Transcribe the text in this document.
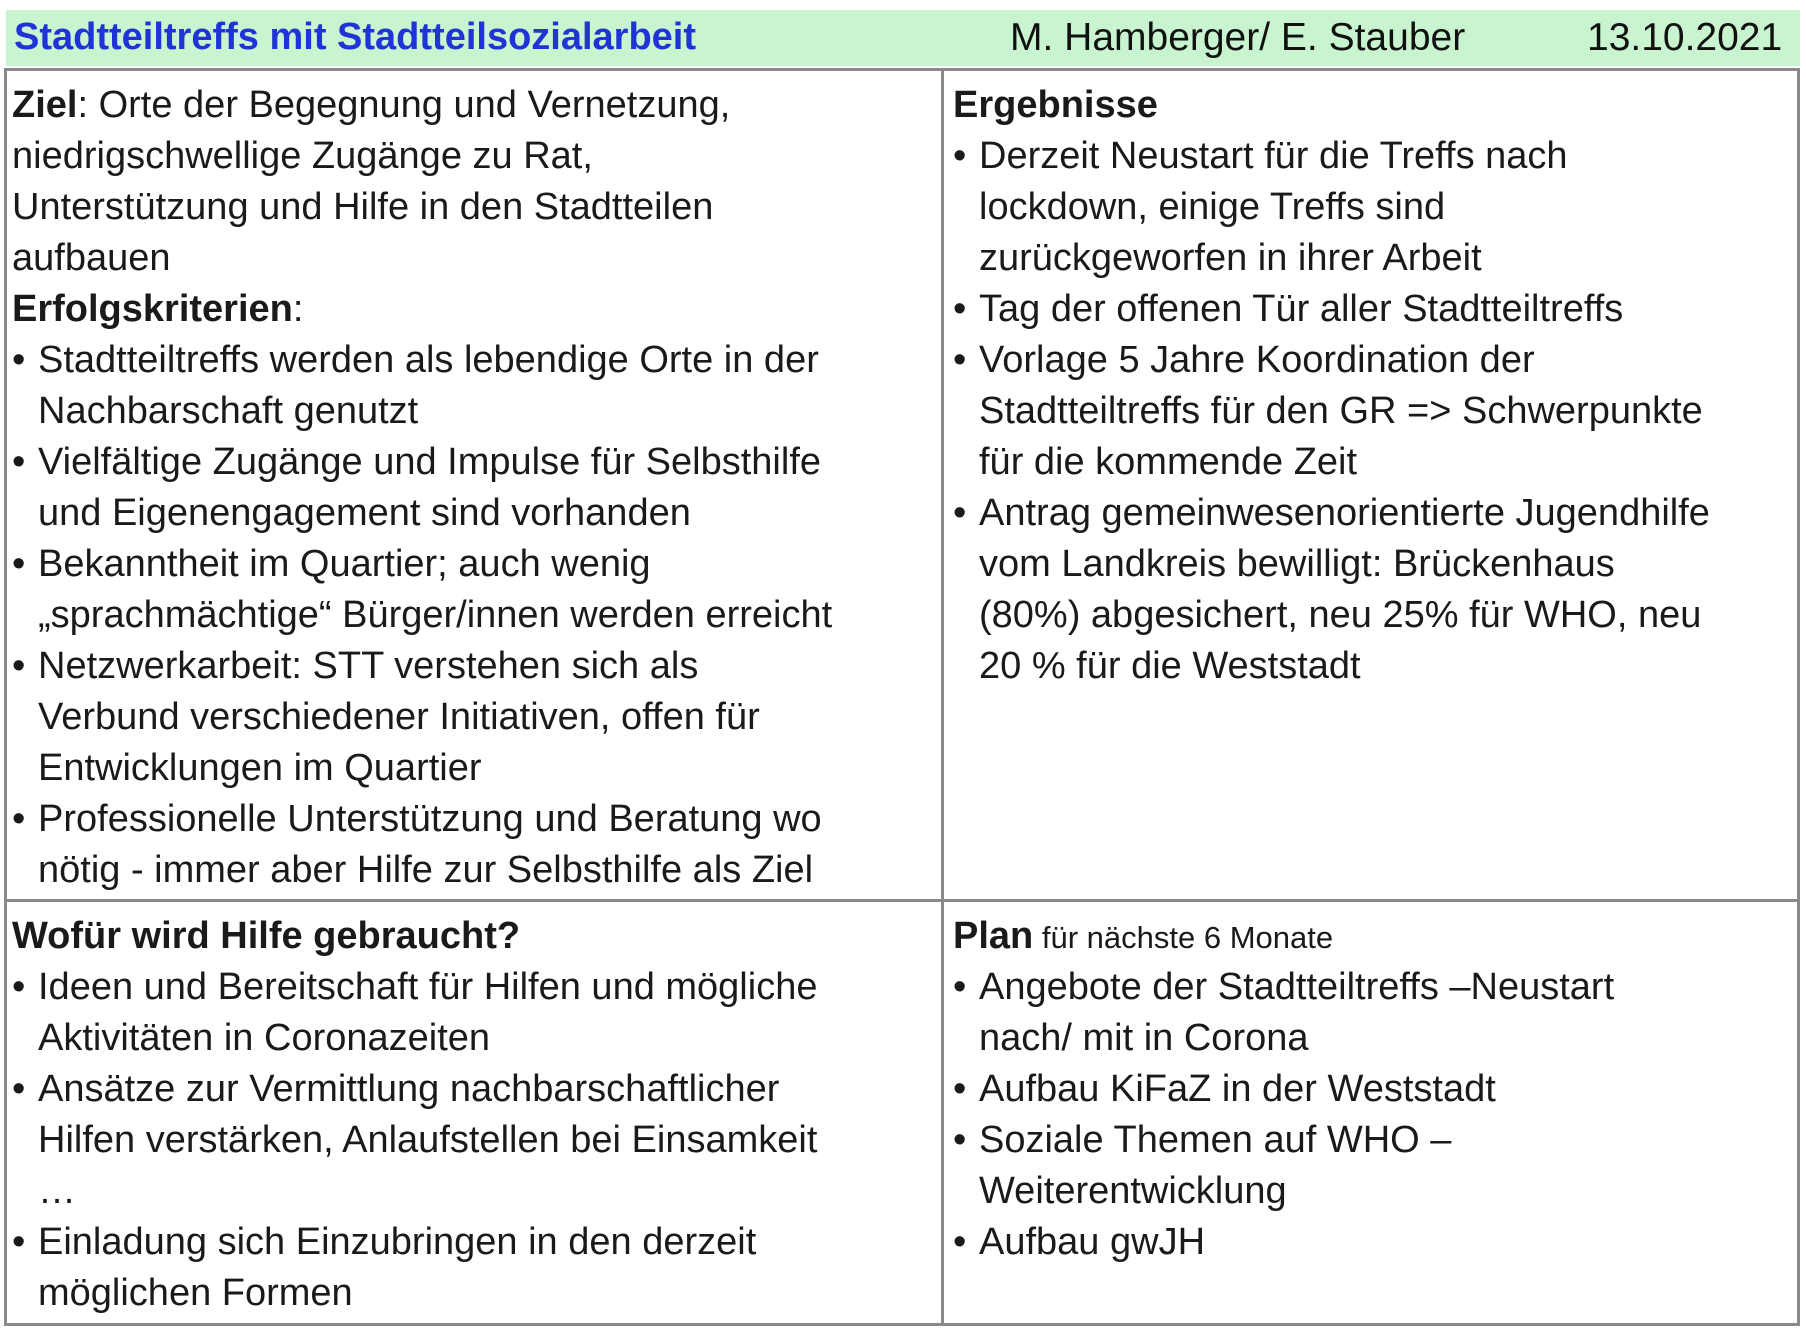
Stadtteiltreffs mit Stadtteilsozialarbeit	M. Hamberger/ E. Stauber	13.10.2021
Ziel: Orte der Begegnung und Vernetzung,
niedrigschwellige Zugänge zu Rat,
Unterstützung und Hilfe in den Stadtteilen
aufbauen
Erfolgskriterien:
• Stadtteiltreffs werden als lebendige Orte in der
Nachbarschaft genutzt
• Vielfältige Zugänge und Impulse für Selbsthilfe
und Eigenengagement sind vorhanden
• Bekanntheit im Quartier; auch wenig
„sprachmächtige“ Bürger/innen werden erreicht
• Netzwerkarbeit: STT verstehen sich als
Verbund verschiedener Initiativen, offen für
Entwicklungen im Quartier
• Professionelle Unterstützung und Beratung wo
nötig - immer aber Hilfe zur Selbsthilfe als Ziel
Ergebnisse
• Derzeit Neustart für die Treffs nach
lockdown, einige Treffs sind
zurückgeworfen in ihrer Arbeit
• Tag der offenen Tür aller Stadtteiltreffs
• Vorlage 5 Jahre Koordination der
Stadtteiltreffs für den GR => Schwerpunkte
für die kommende Zeit
• Antrag gemeinwesenorientierte Jugendhilfe
vom Landkreis bewilligt: Brückenhaus
(80%) abgesichert, neu 25% für WHO, neu
20 % für die Weststadt
Wofür wird Hilfe gebraucht?
• Ideen und Bereitschaft für Hilfen und mögliche
Aktivitäten in Coronazeiten
• Ansätze zur Vermittlung nachbarschaftlicher
Hilfen verstärken, Anlaufstellen bei Einsamkeit
…
• Einladung sich Einzubringen in den derzeit
möglichen Formen
Plan für nächste 6 Monate
• Angebote der Stadtteiltreffs –Neustart
nach/ mit in Corona
• Aufbau KiFaZ in der Weststadt
• Soziale Themen auf WHO –
Weiterentwicklung
• Aufbau gwJH
